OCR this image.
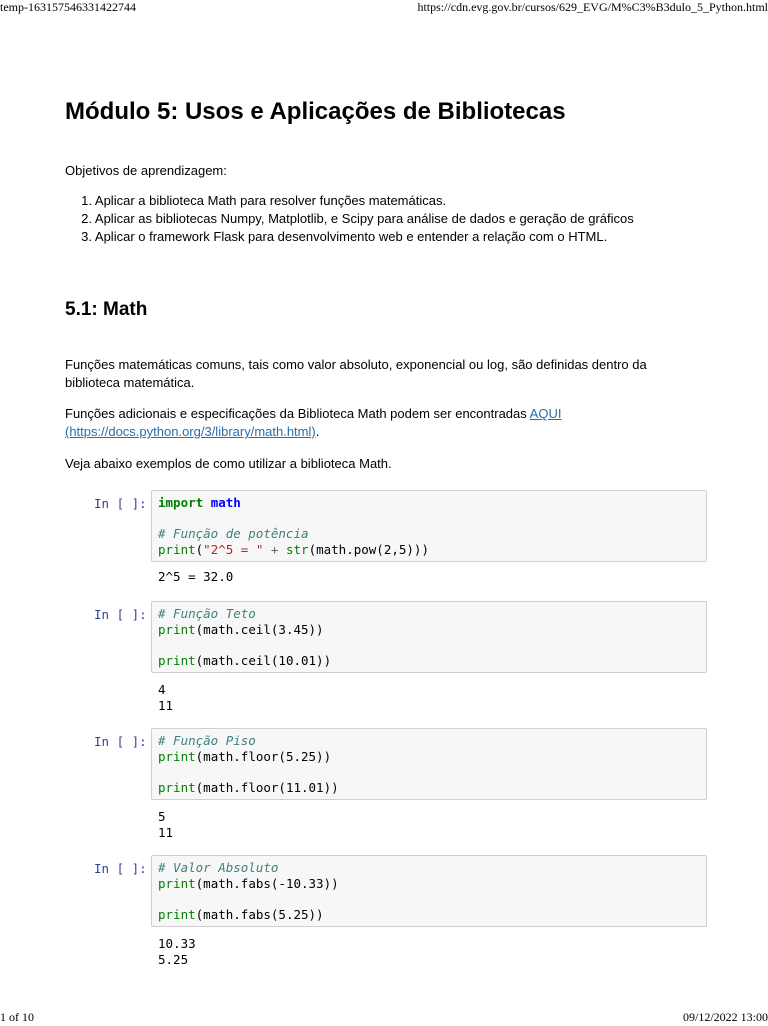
temp-163157546331422744	https://cdn.evg.gov.br/cursos/629_EVG/M%C3%B3dulo_5_Python.html
Módulo 5: Usos e Aplicações de Bibliotecas

Objetivos de aprendizagem:

1. Aplicar a biblioteca Math para resolver funções matemáticas.
2. Aplicar as bibliotecas Numpy, Matplotlib, e Scipy para análise de dados e geração de gráficos
3. Aplicar o framework Flask para desenvolvimento web e entender a relação com o HTML.
5.1: Math

Funções matemáticas comuns, tais como valor absoluto, exponencial ou log, são definidas dentro da biblioteca matemática.

Funções adicionais e especificações da Biblioteca Math podem ser encontradas AQUI
(https://docs.python.org/3/library/math.html).

Veja abaixo exemplos de como utilizar a biblioteca Math.

In [ ]: import math

# Função de potência
print("2^5 = " + str(math.pow(2,5)))
2^5 = 32.0
In [ ]: # Função Teto
print(math.ceil(3.45))

print(math.ceil(10.01))
4
11
In [ ]: # Função Piso
print(math.floor(5.25))

print(math.floor(11.01))
5
11
In [ ]: # Valor Absoluto
print(math.fabs(-10.33))

print(math.fabs(5.25))
10.33
5.25
1 of 10	09/12/2022 13:00
